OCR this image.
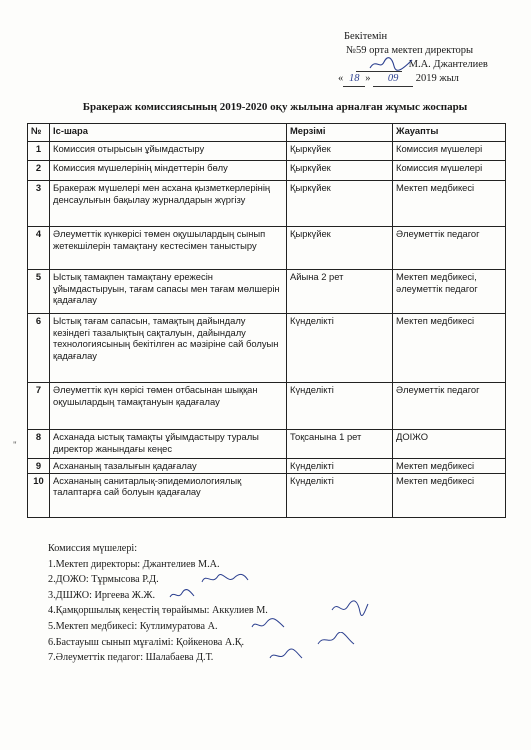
Бекітемін
№59 орта мектеп директоры
М.А. Джантелиев
« 18 » 09 2019 жыл
Бракераж комиссиясының 2019-2020 оқу жылына арналған жұмыс жоспары
№	Іс-шара	Мерзімі	Жауапты
1	Комиссия отырысын ұйымдастыру	Қыркүйек	Комиссия мүшелері
2	Комиссия мүшелерінің міндеттерін бөлу	Қыркүйек	Комиссия мүшелері
3	Бракераж мүшелері мен асхана қызметкерлерінің денсаулығын бақылау журналдарын жүргізу	Қыркүйек	Мектеп медбикесі
4	Әлеуметтік күнкөрісі төмен оқушылардың сынып жетекшілерін тамақтану кестесімен таныстыру	Қыркүйек	Әлеуметтік педагог
5	Ыстық тамақпен тамақтану ережесін ұйымдастыруын, тағам сапасы мен тағам мөлшерін қадағалау	Айына 2 рет	Мектеп медбикесі, әлеуметтік педагог
6	Ыстық тағам сапасын, тамақтың дайындалу кезіндегі тазалықтың сақталуын, дайындалу технологиясының бекітілген ас мәзіріне сай болуын қадағалау	Күнделікті	Мектеп медбикесі
7	Әлеуметтік күн көрісі төмен отбасынан шыққан оқушылардың тамақтануын қадағалау	Күнделікті	Әлеуметтік педагог
8	Асханада ыстық тамақты ұйымдастыру туралы директор жанындағы кеңес	Тоқсанына 1 рет	ДОІЖО
9	Асхананың тазалығын қадағалау	Күнделікті	Мектеп медбикесі
10	Асхананың санитарлық-эпидемиологиялық талаптарға сай болуын қадағалау	Күнделікті	Мектеп медбикесі
"
Комиссия мүшелері:
1.Мектеп директоры: Джантелиев М.А.
2.ДОЖО: Тұрмысова Р.Д.
3.ДШЖО: Иргеева Ж.Ж.
4.Қамқоршылық кеңестің төрайымы: Аккулиев М.
5.Мектеп медбикесі: Кутлимуратова А.
6.Бастауыш сынып мұғалімі: Қойкенова А.Қ.
7.Әлеуметтік педагог: Шалабаева Д.Т.
